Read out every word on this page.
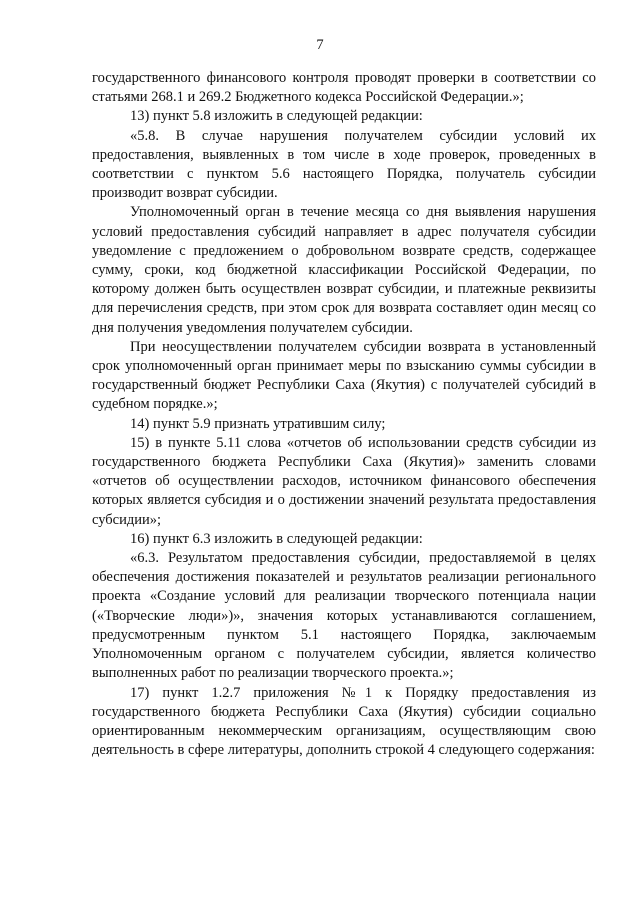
7

государственного финансового контроля проводят проверки в соответствии со статьями 268.1 и 269.2 Бюджетного кодекса Российской Федерации.»;

13) пункт 5.8 изложить в следующей редакции:

«5.8. В случае нарушения получателем субсидии условий их предоставления, выявленных в том числе в ходе проверок, проведенных в соответствии с пунктом 5.6 настоящего Порядка, получатель субсидии производит возврат субсидии.

Уполномоченный орган в течение месяца со дня выявления нарушения условий предоставления субсидий направляет в адрес получателя субсидии уведомление с предложением о добровольном возврате средств, содержащее сумму, сроки, код бюджетной классификации Российской Федерации, по которому должен быть осуществлен возврат субсидии, и платежные реквизиты для перечисления средств, при этом срок для возврата составляет один месяц со дня получения уведомления получателем субсидии.

При неосуществлении получателем субсидии возврата в установленный срок уполномоченный орган принимает меры по взысканию суммы субсидии в государственный бюджет Республики Саха (Якутия) с получателей субсидий в судебном порядке.»;

14) пункт 5.9 признать утратившим силу;

15) в пункте 5.11 слова «отчетов об использовании средств субсидии из государственного бюджета Республики Саха (Якутия)» заменить словами «отчетов об осуществлении расходов, источником финансового обеспечения которых является субсидия и о достижении значений результата предоставления субсидии»;

16) пункт 6.3 изложить в следующей редакции:

«6.3. Результатом предоставления субсидии, предоставляемой в целях обеспечения достижения показателей и результатов реализации регионального проекта «Создание условий для реализации творческого потенциала нации («Творческие люди»)», значения которых устанавливаются соглашением, предусмотренным пунктом 5.1 настоящего Порядка, заключаемым Уполномоченным органом с получателем субсидии, является количество выполненных работ по реализации творческого проекта.»;

17) пункт 1.2.7 приложения №1 к Порядку предоставления из государственного бюджета Республики Саха (Якутия) субсидии социально ориентированным некоммерческим организациям, осуществляющим свою деятельность в сфере литературы, дополнить строкой 4 следующего содержания:
